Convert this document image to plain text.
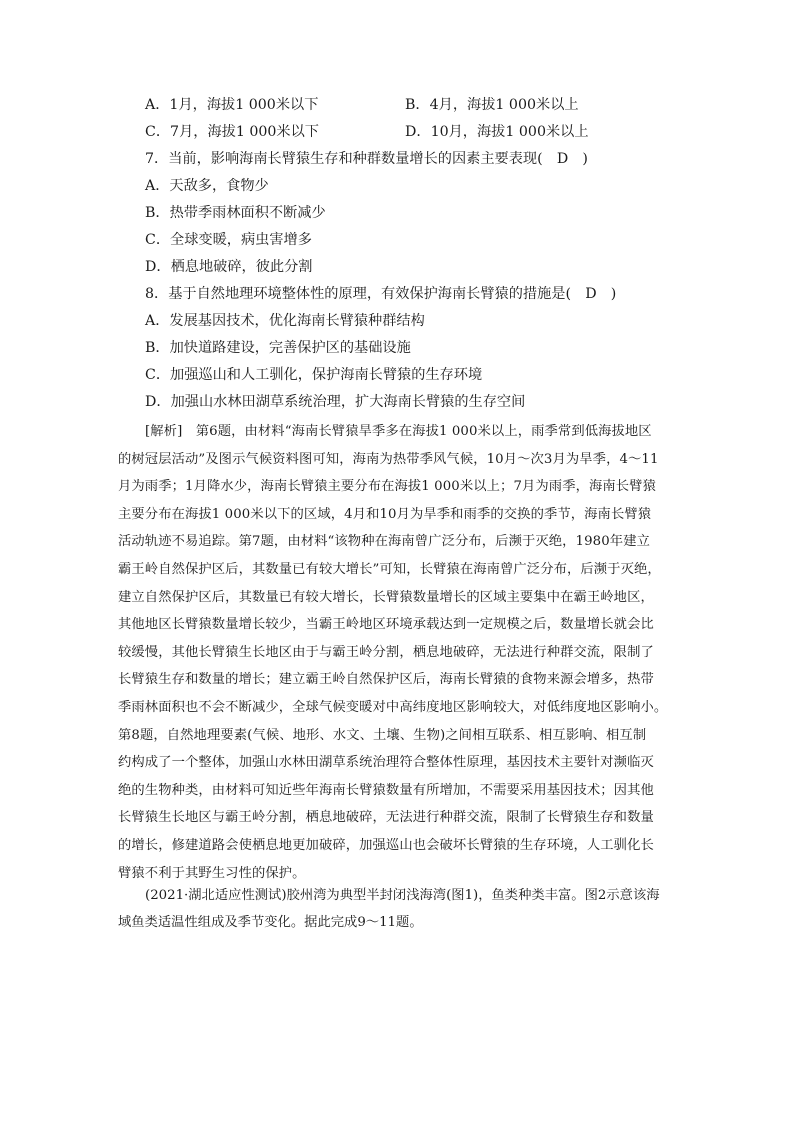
A．1月，海拔1 000米以下	B．4月，海拔1 000米以上
C．7月，海拔1 000米以下	D．10月，海拔1 000米以上
7．当前，影响海南长臂猿生存和种群数量增长的因素主要表现(　D　)
A．天敌多，食物少
B．热带季雨林面积不断减少
C．全球变暖，病虫害增多
D．栖息地破碎，彼此分割
8．基于自然地理环境整体性的原理，有效保护海南长臂猿的措施是(　D　)
A．发展基因技术，优化海南长臂猿种群结构
B．加快道路建设，完善保护区的基础设施
C．加强巡山和人工驯化，保护海南长臂猿的生存环境
D．加强山水林田湖草系统治理，扩大海南长臂猿的生存空间
[解析]　第6题，由材料“海南长臂猿旱季多在海拔1 000米以上，雨季常到低海拔地区
的树冠层活动”及图示气候资料图可知，海南为热带季风气候，10月～次3月为旱季，4～11
月为雨季；1月降水少，海南长臂猿主要分布在海拔1 000米以上；7月为雨季，海南长臂猿
主要分布在海拔1 000米以下的区域，4月和10月为旱季和雨季的交换的季节，海南长臂猿
活动轨迹不易追踪。第7题，由材料“该物种在海南曾广泛分布，后濒于灭绝，1980年建立
霸王岭自然保护区后，其数量已有较大增长”可知，长臂猿在海南曾广泛分布，后濒于灭绝，
建立自然保护区后，其数量已有较大增长，长臂猿数量增长的区域主要集中在霸王岭地区，
其他地区长臂猿数量增长较少，当霸王岭地区环境承载达到一定规模之后，数量增长就会比
较缓慢，其他长臂猿生长地区由于与霸王岭分割，栖息地破碎，无法进行种群交流，限制了
长臂猿生存和数量的增长；建立霸王岭自然保护区后，海南长臂猿的食物来源会增多，热带
季雨林面积也不会不断减少，全球气候变暖对中高纬度地区影响较大，对低纬度地区影响小。
第8题，自然地理要素(气候、地形、水文、土壤、生物)之间相互联系、相互影响、相互制
约构成了一个整体，加强山水林田湖草系统治理符合整体性原理，基因技术主要针对濒临灭
绝的生物种类，由材料可知近些年海南长臂猿数量有所增加，不需要采用基因技术；因其他
长臂猿生长地区与霸王岭分割，栖息地破碎，无法进行种群交流，限制了长臂猿生存和数量
的增长，修建道路会使栖息地更加破碎，加强巡山也会破坏长臂猿的生存环境，人工驯化长
臂猿不利于其野生习性的保护。
(2021·湖北适应性测试)胶州湾为典型半封闭浅海湾(图1)，鱼类种类丰富。图2示意该海
域鱼类适温性组成及季节变化。据此完成9～11题。
